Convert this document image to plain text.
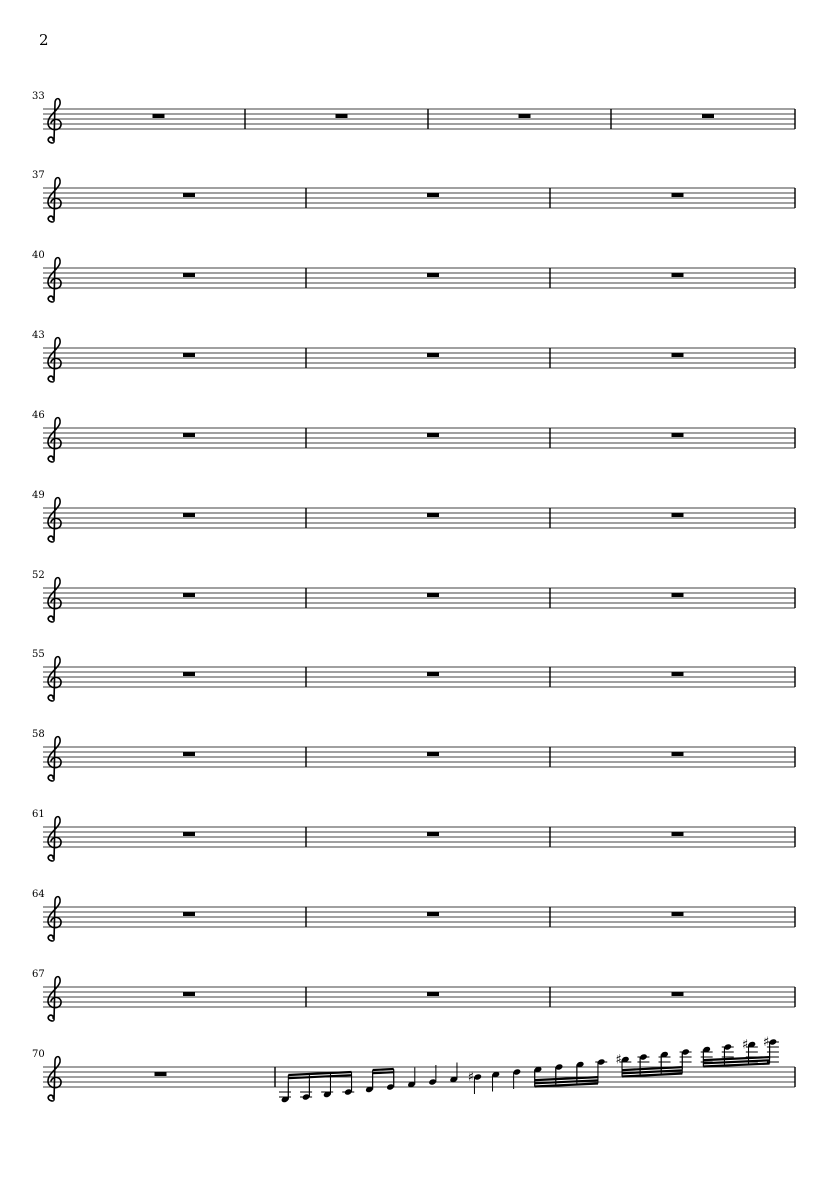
2
33
37
40
43
46
49
52
55
58
61
64
67
70
♯
♯
♯ ♯
